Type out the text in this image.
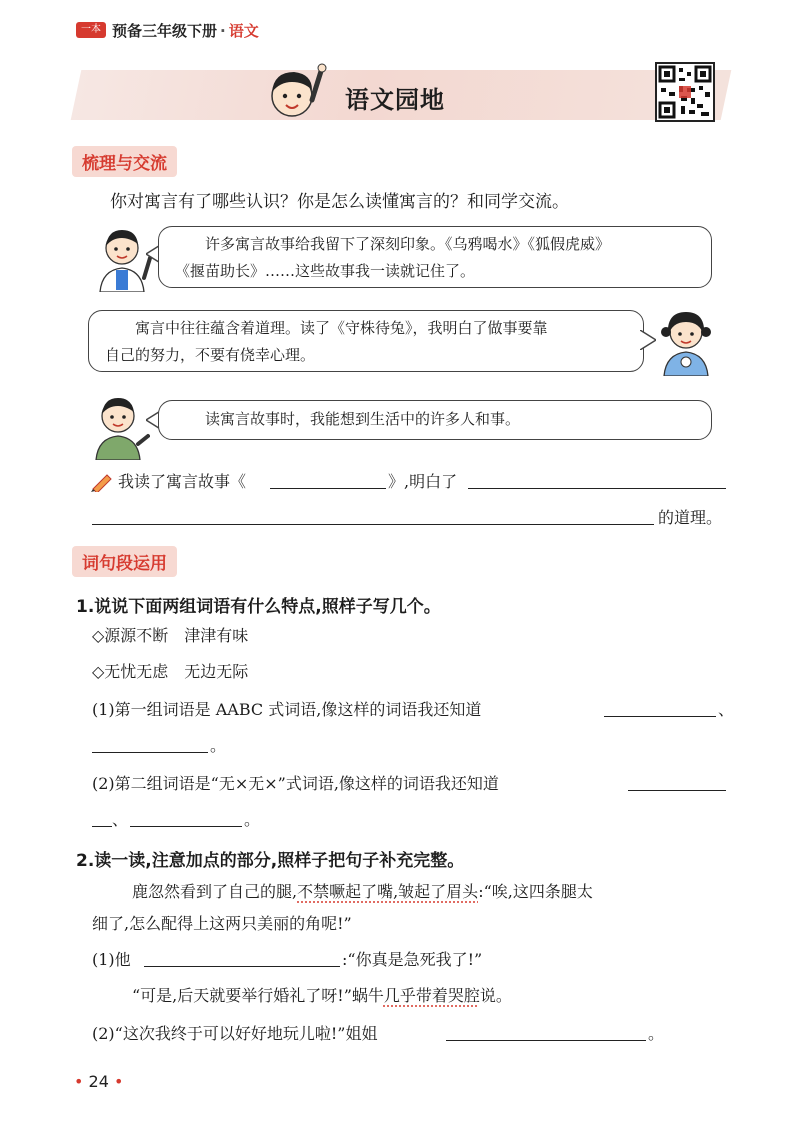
一本 预备三年级下册 · 语文
语文园地
梳理与交流
你对寓言有了哪些认识？你是怎么读懂寓言的？和同学交流。
许多寓言故事给我留下了深刻印象。《乌鸦喝水》《狐假虎威》
《揠苗助长》……这些故事我一读就记住了。
寓言中往往蕴含着道理。读了《守株待兔》，我明白了做事要靠
自己的努力，不要有侥幸心理。
读寓言故事时，我能想到生活中的许多人和事。
我读了寓言故事《	》,明白了
的道理。
词句段运用
1.说说下面两组词语有什么特点,照样子写几个。
◇源源不断　津津有味
◇无忧无虑　无边无际
(1)第一组词语是 AABC 式词语,像这样的词语我还知道	、
。
(2)第二组词语是“无×无×”式词语,像这样的词语我还知道
、	。
2.读一读,注意加点的部分,照样子把句子补充完整。
鹿忽然看到了自己的腿,不禁噘起了嘴,皱起了眉头:“唉,这四条腿太
细了,怎么配得上这两只美丽的角呢!”
(1)他	:“你真是急死我了!”
“可是,后天就要举行婚礼了呀!”蜗牛几乎带着哭腔说。
(2)“这次我终于可以好好地玩儿啦!”姐姐	。
• 24 •
